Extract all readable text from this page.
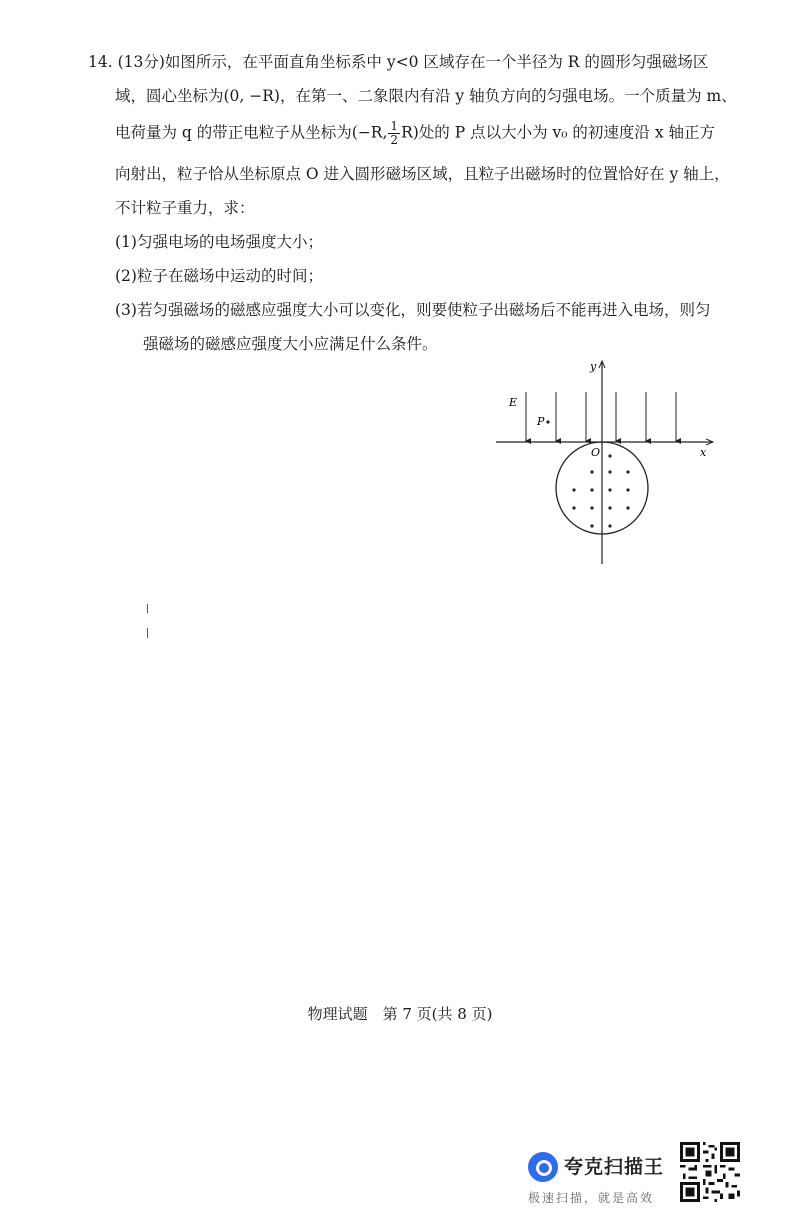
14. (13分)如图所示，在平面直角坐标系中 y<0 区域存在一个半径为 R 的圆形匀强磁场区
域，圆心坐标为(0, −R)，在第一、二象限内有沿 y 轴负方向的匀强电场。一个质量为 m、
电荷量为 q 的带正电粒子从坐标为(−R, $\frac{1}{2} R$)处的 P 点以大小为 v₀ 的初速度沿 x 轴正方
向射出，粒子恰从坐标原点 O 进入圆形磁场区域，且粒子出磁场时的位置恰好在 y 轴上，
不计粒子重力，求：
(1)匀强电场的电场强度大小；
(2)粒子在磁场中运动的时间；
(3)若匀强磁场的磁感应强度大小可以变化，则要使粒子出磁场后不能再进入电场，则匀
强磁场的磁感应强度大小应满足什么条件。
E
P
O	x
y
物理试题　第 7 页(共 8 页)
夸克扫描王
极速扫描，就是高效
